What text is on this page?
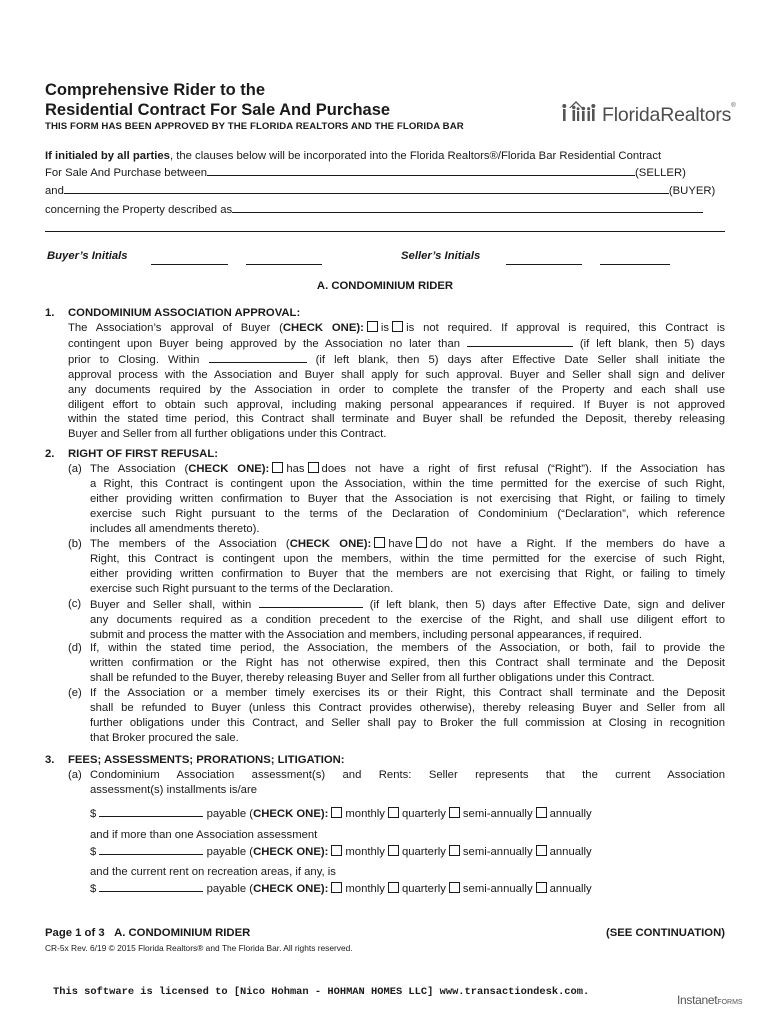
Comprehensive Rider to the
Residential Contract For Sale And Purchase
THIS FORM HAS BEEN APPROVED BY THE FLORIDA REALTORS AND THE FLORIDA BAR
FloridaRealtors®
If initialed by all parties, the clauses below will be incorporated into the Florida Realtors®/Florida Bar Residential Contract
For Sale And Purchase between	(SELLER)
and	(BUYER)
concerning the Property described as
Buyer’s Initials	Seller’s Initials
A. CONDOMINIUM RIDER
1. CONDOMINIUM ASSOCIATION APPROVAL:
The Association’s approval of Buyer (CHECK ONE): is is not required. If approval is required, this Contract is
contingent upon Buyer being approved by the Association no later than	(if left blank, then 5) days
prior to Closing. Within	(if left blank, then 5) days after Effective Date Seller shall initiate the
approval process with the Association and Buyer shall apply for such approval. Buyer and Seller shall sign and deliver
any documents required by the Association in order to complete the transfer of the Property and each shall use
diligent effort to obtain such approval, including making personal appearances if required. If Buyer is not approved
within the stated time period, this Contract shall terminate and Buyer shall be refunded the Deposit, thereby releasing
Buyer and Seller from all further obligations under this Contract.
2. RIGHT OF FIRST REFUSAL:
(a) The Association (CHECK ONE): has does not have a right of first refusal (“Right”). If the Association has
a Right, this Contract is contingent upon the Association, within the time permitted for the exercise of such Right,
either providing written confirmation to Buyer that the Association is not exercising that Right, or failing to timely
exercise such Right pursuant to the terms of the Declaration of Condominium (“Declaration”, which reference
includes all amendments thereto).
(b) The members of the Association (CHECK ONE): have do not have a Right. If the members do have a
Right, this Contract is contingent upon the members, within the time permitted for the exercise of such Right,
either providing written confirmation to Buyer that the members are not exercising that Right, or failing to timely
exercise such Right pursuant to the terms of the Declaration.
(c) Buyer and Seller shall, within	(if left blank, then 5) days after Effective Date, sign and deliver
any documents required as a condition precedent to the exercise of the Right, and shall use diligent effort to
submit and process the matter with the Association and members, including personal appearances, if required.
(d) If, within the stated time period, the Association, the members of the Association, or both, fail to provide the
written confirmation or the Right has not otherwise expired, then this Contract shall terminate and the Deposit
shall be refunded to the Buyer, thereby releasing Buyer and Seller from all further obligations under this Contract.
(e) If the Association or a member timely exercises its or their Right, this Contract shall terminate and the Deposit
shall be refunded to Buyer (unless this Contract provides otherwise), thereby releasing Buyer and Seller from all
further obligations under this Contract, and Seller shall pay to Broker the full commission at Closing in recognition
that Broker procured the sale.
3. FEES; ASSESSMENTS; PRORATIONS; LITIGATION:
(a) Condominium Association assessment(s) and Rents: Seller represents that the current Association
assessment(s) installments is/are
$	payable (CHECK ONE): monthly quarterly semi-annually annually
and if more than one Association assessment
$	payable (CHECK ONE): monthly quarterly semi-annually annually
and the current rent on recreation areas, if any, is
$	payable (CHECK ONE): monthly quarterly semi-annually annually
Page 1 of 3 A. CONDOMINIUM RIDER	(SEE CONTINUATION)
CR-5x Rev. 6/19 © 2015 Florida Realtors® and The Florida Bar. All rights reserved.
This software is licensed to [Nico Hohman - HOHMAN HOMES LLC] www.transactiondesk.com.
InstanetFORMS
